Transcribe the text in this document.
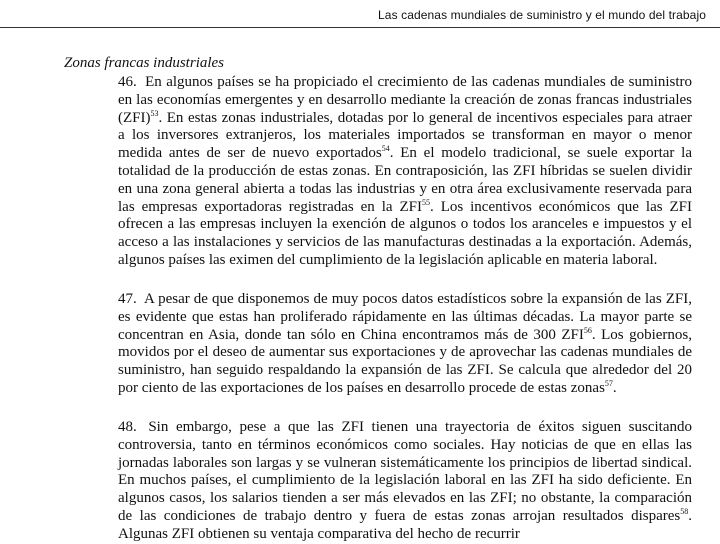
Las cadenas mundiales de suministro y el mundo del trabajo
Zonas francas industriales

46. En algunos países se ha propiciado el crecimiento de las cadenas mundiales de suministro en las economías emergentes y en desarrollo mediante la creación de zonas francas industriales (ZFI)$^{53}$. En estas zonas industriales, dotadas por lo general de incentivos especiales para atraer a los inversores extranjeros, los materiales importados se transforman en mayor o menor medida antes de ser de nuevo exportados$^{54}$. En el modelo tradicional, se suele exportar la totalidad de la producción de estas zonas. En contraposición, las ZFI híbridas se suelen dividir en una zona general abierta a todas las industrias y en otra área exclusivamente reservada para las empresas exportadoras registradas en la ZFI$^{55}$. Los incentivos económicos que las ZFI ofrecen a las empresas incluyen la exención de algunos o todos los aranceles e impuestos y el acceso a las instalaciones y servicios de las manufacturas destinadas a la exportación. Además, algunos países las eximen del cumplimiento de la legislación aplicable en materia laboral.

47. A pesar de que disponemos de muy pocos datos estadísticos sobre la expansión de las ZFI, es evidente que estas han proliferado rápidamente en las últimas décadas. La mayor parte se concentran en Asia, donde tan sólo en China encontramos más de 300 ZFI$^{56}$. Los gobiernos, movidos por el deseo de aumentar sus exportaciones y de aprovechar las cadenas mundiales de suministro, han seguido respaldando la expansión de las ZFI. Se calcula que alrededor del 20 por ciento de las exportaciones de los países en desarrollo procede de estas zonas$^{57}$.

48. Sin embargo, pese a que las ZFI tienen una trayectoria de éxitos siguen suscitando controversia, tanto en términos económicos como sociales. Hay noticias de que en ellas las jornadas laborales son largas y se vulneran sistemáticamente los principios de libertad sindical. En muchos países, el cumplimiento de la legislación laboral en las ZFI ha sido deficiente. En algunos casos, los salarios tienden a ser más elevados en las ZFI; no obstante, la comparación de las condiciones de trabajo dentro y fuera de estas zonas arrojan resultados dispares$^{58}$. Algunas ZFI obtienen su ventaja comparativa del hecho de recurrir
